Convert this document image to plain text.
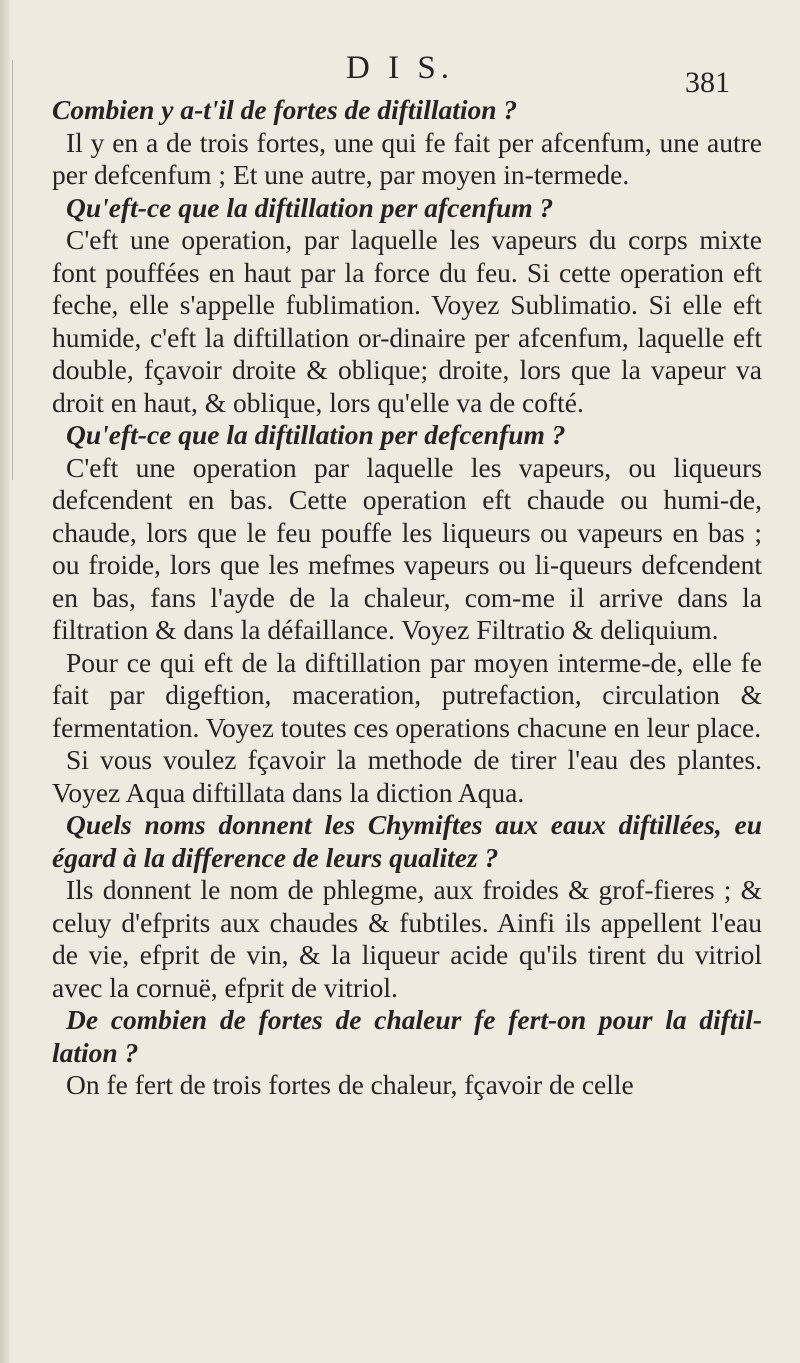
D I S.	381

Combien y a-t'il de fortes de diftillation ?

Il y en a de trois fortes, une qui fe fait per afcenfum, une autre per defcenfum ; Et une autre, par moyen in-termede.

Qu'eft-ce que la diftillation per afcenfum ?

C'eft une operation, par laquelle les vapeurs du corps mixte font pouffées en haut par la force du feu. Si cette operation eft feche, elle s'appelle fublimation. Voyez Sublimatio. Si elle eft humide, c'eft la diftillation or-dinaire per afcenfum, laquelle eft double, fçavoir droite & oblique; droite, lors que la vapeur va droit en haut, & oblique, lors qu'elle va de cofté.

Qu'eft-ce que la diftillation per defcenfum ?

C'eft une operation par laquelle les vapeurs, ou liqueurs defcendent en bas. Cette operation eft chaude ou humi-de, chaude, lors que le feu pouffe les liqueurs ou vapeurs en bas ; ou froide, lors que les mefmes vapeurs ou li-queurs defcendent en bas, fans l'ayde de la chaleur, com-me il arrive dans la filtration & dans la défaillance. Voyez Filtratio & deliquium.

Pour ce qui eft de la diftillation par moyen interme-de, elle fe fait par digeftion, maceration, putrefaction, circulation & fermentation. Voyez toutes ces operations chacune en leur place.

Si vous voulez fçavoir la methode de tirer l'eau des plantes. Voyez Aqua diftillata dans la diction Aqua.

Quels noms donnent les Chymiftes aux eaux diftillées, eu égard à la difference de leurs qualitez ?

Ils donnent le nom de phlegme, aux froides & grof-fieres ; & celuy d'efprits aux chaudes & fubtiles. Ainfi ils appellent l'eau de vie, efprit de vin, & la liqueur acide qu'ils tirent du vitriol avec la cornuë, efprit de vitriol.

De combien de fortes de chaleur fe fert-on pour la diftil-lation ?

On fe fert de trois fortes de chaleur, fçavoir de celle
